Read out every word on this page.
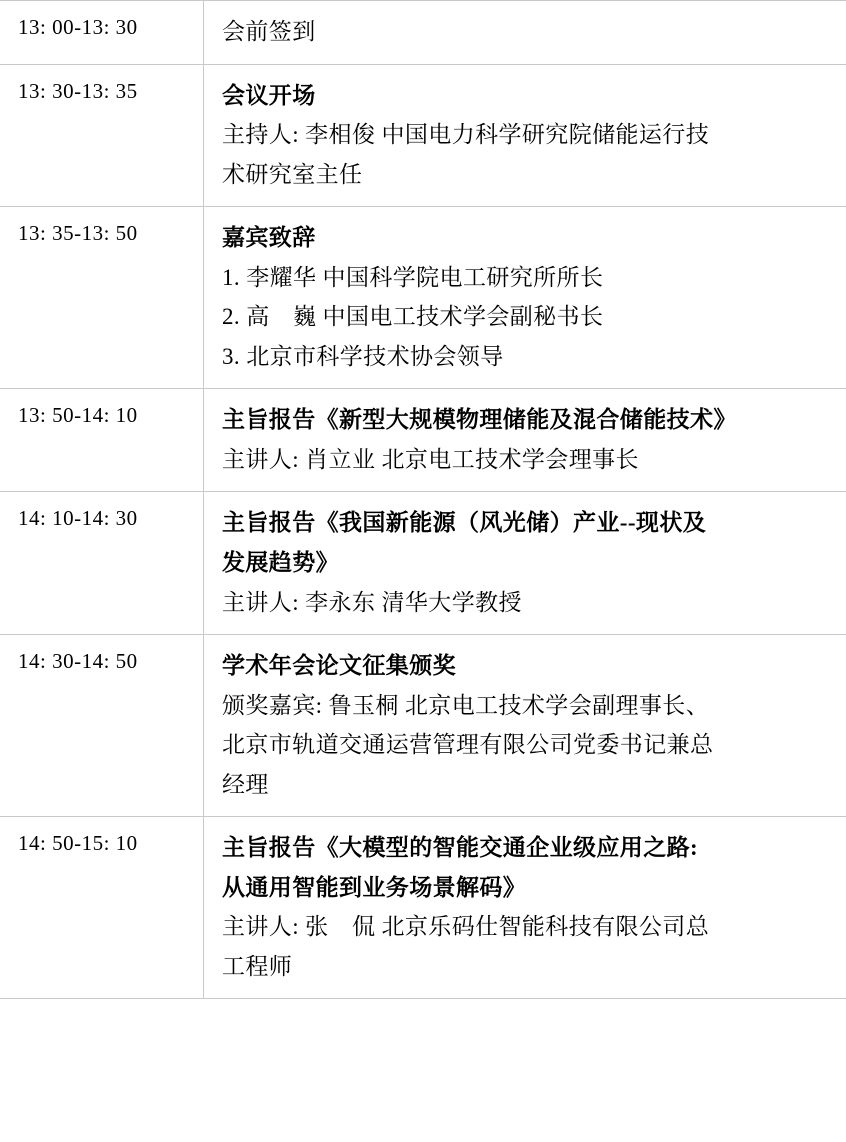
13: 00-13: 30	会前签到

13: 30-13: 35	会议开场
主持人: 李相俊 中国电力科学研究院储能运行技
术研究室主任

13: 35-13: 50	嘉宾致辞
1. 李耀华 中国科学院电工研究所所长
2. 高　巍 中国电工技术学会副秘书长
3. 北京市科学技术协会领导

13: 50-14: 10	主旨报告《新型大规模物理储能及混合储能技术》
主讲人: 肖立业 北京电工技术学会理事长

14: 10-14: 30	主旨报告《我国新能源（风光储）产业--现状及
发展趋势》
主讲人: 李永东 清华大学教授

14: 30-14: 50	学术年会论文征集颁奖
颁奖嘉宾: 鲁玉桐 北京电工技术学会副理事长、
北京市轨道交通运营管理有限公司党委书记兼总
经理

14: 50-15: 10	主旨报告《大模型的智能交通企业级应用之路:
从通用智能到业务场景解码》
主讲人: 张　侃 北京乐码仕智能科技有限公司总
工程师
